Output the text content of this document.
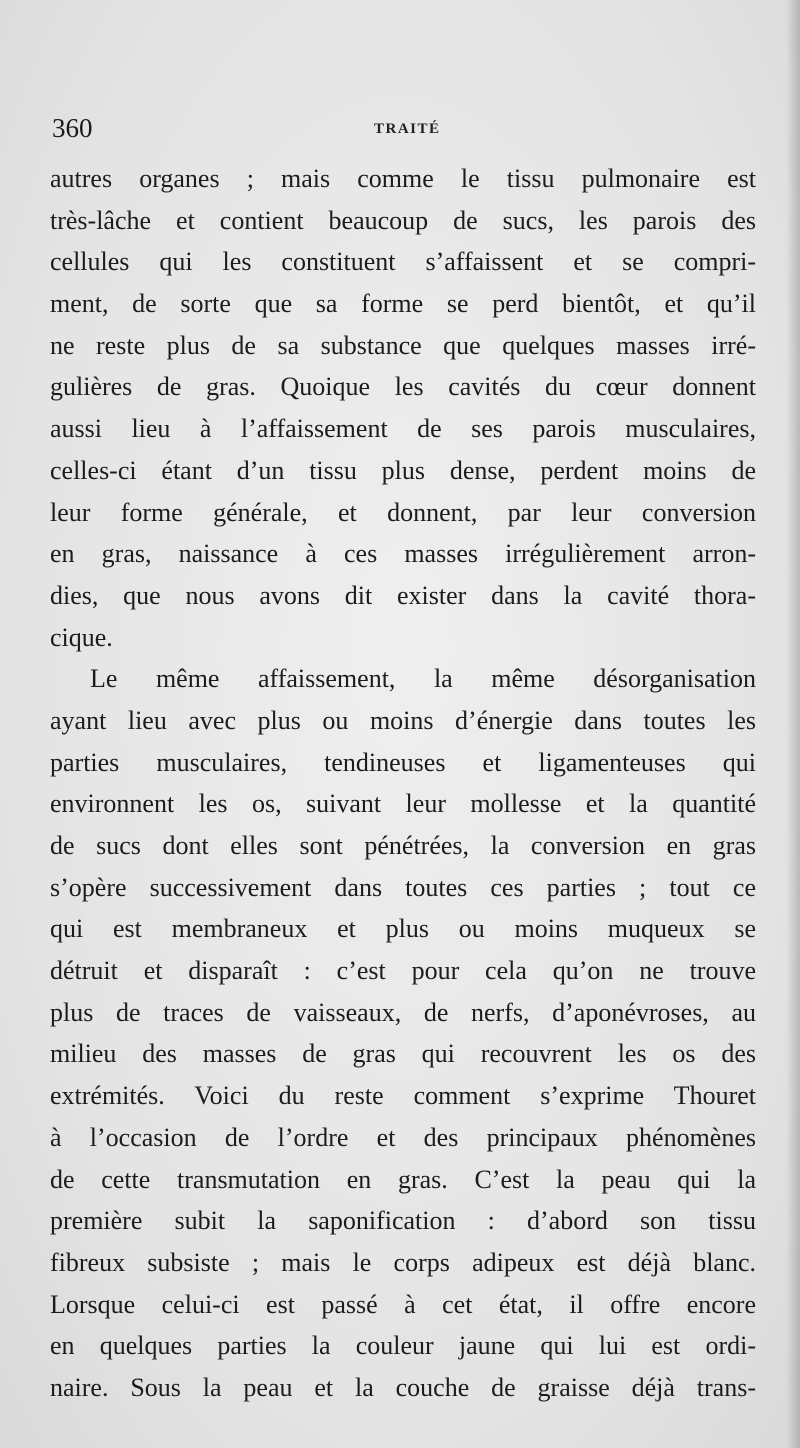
360	TRAITÉ
autres organes ; mais comme le tissu pulmonaire est
très-lâche et contient beaucoup de sucs, les parois des
cellules qui les constituent s’affaissent et se compri-
ment, de sorte que sa forme se perd bientôt, et qu’il
ne reste plus de sa substance que quelques masses irré-
gulières de gras. Quoique les cavités du cœur donnent
aussi lieu à l’affaissement de ses parois musculaires,
celles-ci étant d’un tissu plus dense, perdent moins de
leur forme générale, et donnent, par leur conversion
en gras, naissance à ces masses irrégulièrement arron-
dies, que nous avons dit exister dans la cavité thora-
cique.
Le même affaissement, la même désorganisation
ayant lieu avec plus ou moins d’énergie dans toutes les
parties musculaires, tendineuses et ligamenteuses qui
environnent les os, suivant leur mollesse et la quantité
de sucs dont elles sont pénétrées, la conversion en gras
s’opère successivement dans toutes ces parties ; tout ce
qui est membraneux et plus ou moins muqueux se
détruit et disparaît : c’est pour cela qu’on ne trouve
plus de traces de vaisseaux, de nerfs, d’aponévroses, au
milieu des masses de gras qui recouvrent les os des
extrémités. Voici du reste comment s’exprime Thouret
à l’occasion de l’ordre et des principaux phénomènes
de cette transmutation en gras. C’est la peau qui la
première subit la saponification : d’abord son tissu
fibreux subsiste ; mais le corps adipeux est déjà blanc.
Lorsque celui-ci est passé à cet état, il offre encore
en quelques parties la couleur jaune qui lui est ordi-
naire. Sous la peau et la couche de graisse déjà trans-
